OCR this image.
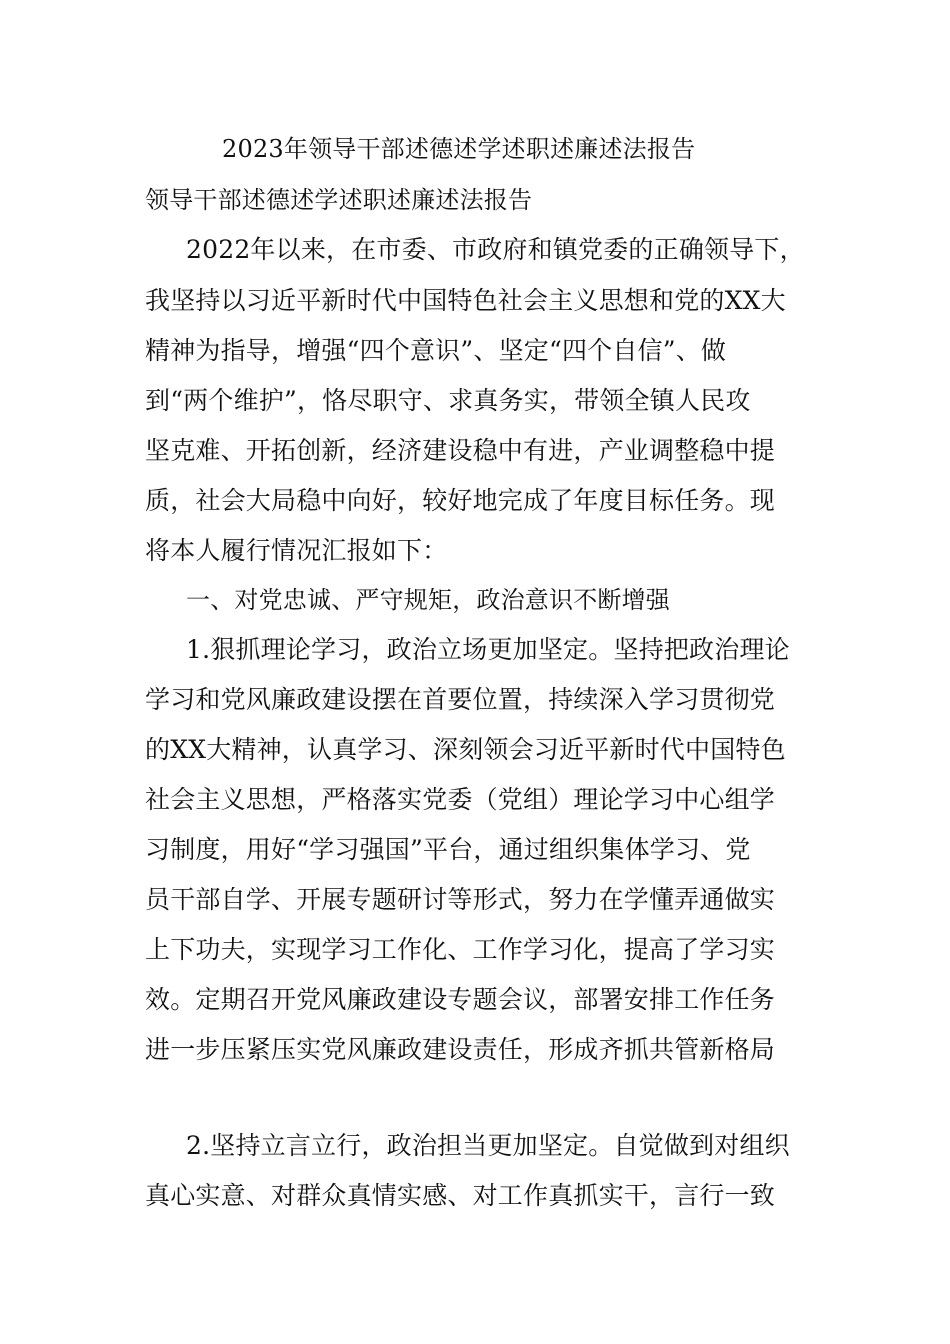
2023年领导干部述德述学述职述廉述法报告
领导干部述德述学述职述廉述法报告
2022年以来，在市委、市政府和镇党委的正确领导下，
我坚持以习近平新时代中国特色社会主义思想和党的XX大
精神为指导，增强“四个意识”、坚定“四个自信”、做
到“两个维护”，恪尽职守、求真务实，带领全镇人民攻
坚克难、开拓创新，经济建设稳中有进，产业调整稳中提
质，社会大局稳中向好，较好地完成了年度目标任务。现
将本人履行情况汇报如下：
一、对党忠诚、严守规矩，政治意识不断增强
1.狠抓理论学习，政治立场更加坚定。坚持把政治理论
学习和党风廉政建设摆在首要位置，持续深入学习贯彻党
的XX大精神，认真学习、深刻领会习近平新时代中国特色
社会主义思想，严格落实党委（党组）理论学习中心组学
习制度，用好“学习强国”平台，通过组织集体学习、党
员干部自学、开展专题研讨等形式，努力在学懂弄通做实
上下功夫，实现学习工作化、工作学习化，提高了学习实
效。定期召开党风廉政建设专题会议，部署安排工作任务
进一步压紧压实党风廉政建设责任，形成齐抓共管新格局
2.坚持立言立行，政治担当更加坚定。自觉做到对组织
真心实意、对群众真情实感、对工作真抓实干，言行一致
